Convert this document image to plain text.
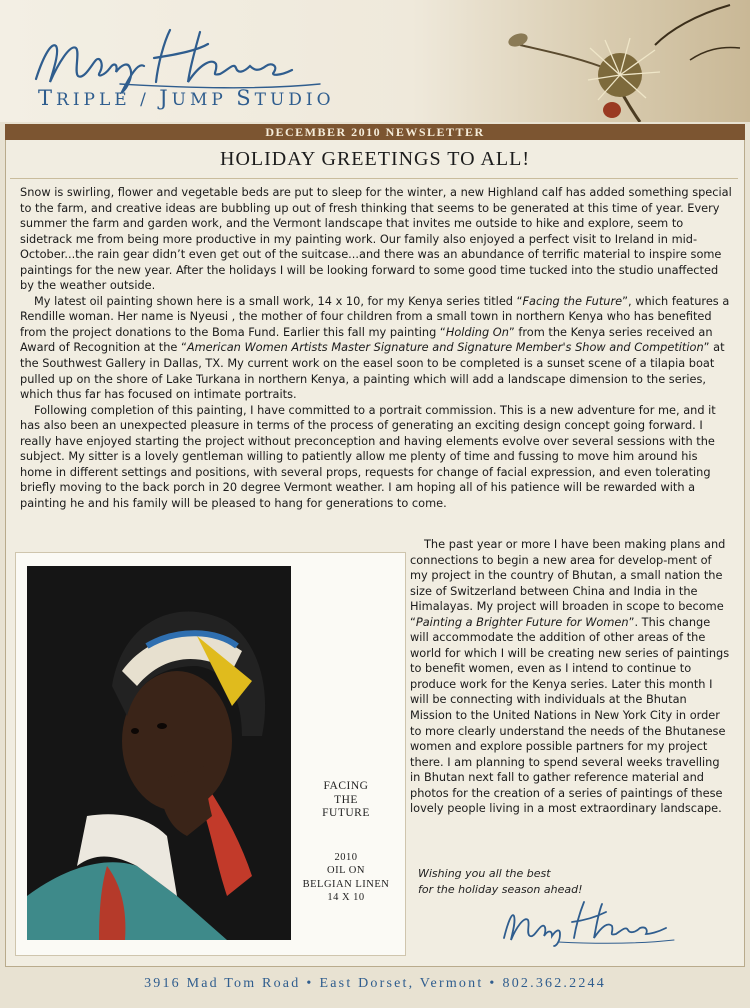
TRIPLE / JUMP STUDIO
DECEMBER 2010 NEWSLETTER
HOLIDAY GREETINGS TO ALL!

Snow is swirling, flower and vegetable beds are put to sleep for the winter, a new Highland calf has added something special to the farm, and creative ideas are bubbling up out of fresh thinking that seems to be generated at this time of year. Every summer the farm and garden work, and the Vermont landscape that invites me outside to hike and explore, seem to sidetrack me from being more productive in my painting work. Our family also enjoyed a perfect visit to Ireland in mid-October...the rain gear didn’t even get out of the suitcase...and there was an abundance of terrific material to inspire some paintings for the new year. After the holidays I will be looking forward to some good time tucked into the studio unaffected by the weather outside.

My latest oil painting shown here is a small work, 14 x 10, for my Kenya series titled “Facing the Future”, which features a Rendille woman. Her name is Nyeusi , the mother of four children from a small town in northern Kenya who has benefited from the project donations to the Boma Fund. Earlier this fall my painting “Holding On” from the Kenya series received an Award of Recognition at the “American Women Artists Master Signature and Signature Member's Show and Competition” at the Southwest Gallery in Dallas, TX. My current work on the easel soon to be completed is a sunset scene of a tilapia boat pulled up on the shore of Lake Turkana in northern Kenya, a painting which will add a landscape dimension to the series, which thus far has focused on intimate portraits.

Following completion of this painting, I have committed to a portrait commission. This is a new adventure for me, and it has also been an unexpected pleasure in terms of the process of generating an exciting design concept going forward. I really have enjoyed starting the project without preconception and having elements evolve over several sessions with the subject. My sitter is a lovely gentleman willing to patiently allow me plenty of time and fussing to move him around his home in different settings and positions, with several props, requests for change of facial expression, and even tolerating briefly moving to the back porch in 20 degree Vermont weather. I am hoping all of his patience will be rewarded with a painting he and his family will be pleased to hang for generations to come.

FACING
THE
FUTURE
2010
OIL ON
BELGIAN LINEN
14 X 10

The past year or more I have been making plans and connections to begin a new area for develop-ment of my project in the country of Bhutan, a small nation the size of Switzerland between China and India in the Himalayas. My project will broaden in scope to become “Painting a Brighter Future for Women”. This change will accommodate the addition of other areas of the world for which I will be creating new series of paintings to benefit women, even as I intend to continue to produce work for the Kenya series. Later this month I will be connecting with individuals at the Bhutan Mission to the United Nations in New York City in order to more clearly understand the needs of the Bhutanese women and explore possible partners for my project there. I am planning to spend several weeks travelling in Bhutan next fall to gather reference material and photos for the creation of a series of paintings of these lovely people living in a most extraordinary landscape.

Wishing you all the best
for the holiday season ahead!
3916 Mad Tom Road • East Dorset, Vermont • 802.362.2244
